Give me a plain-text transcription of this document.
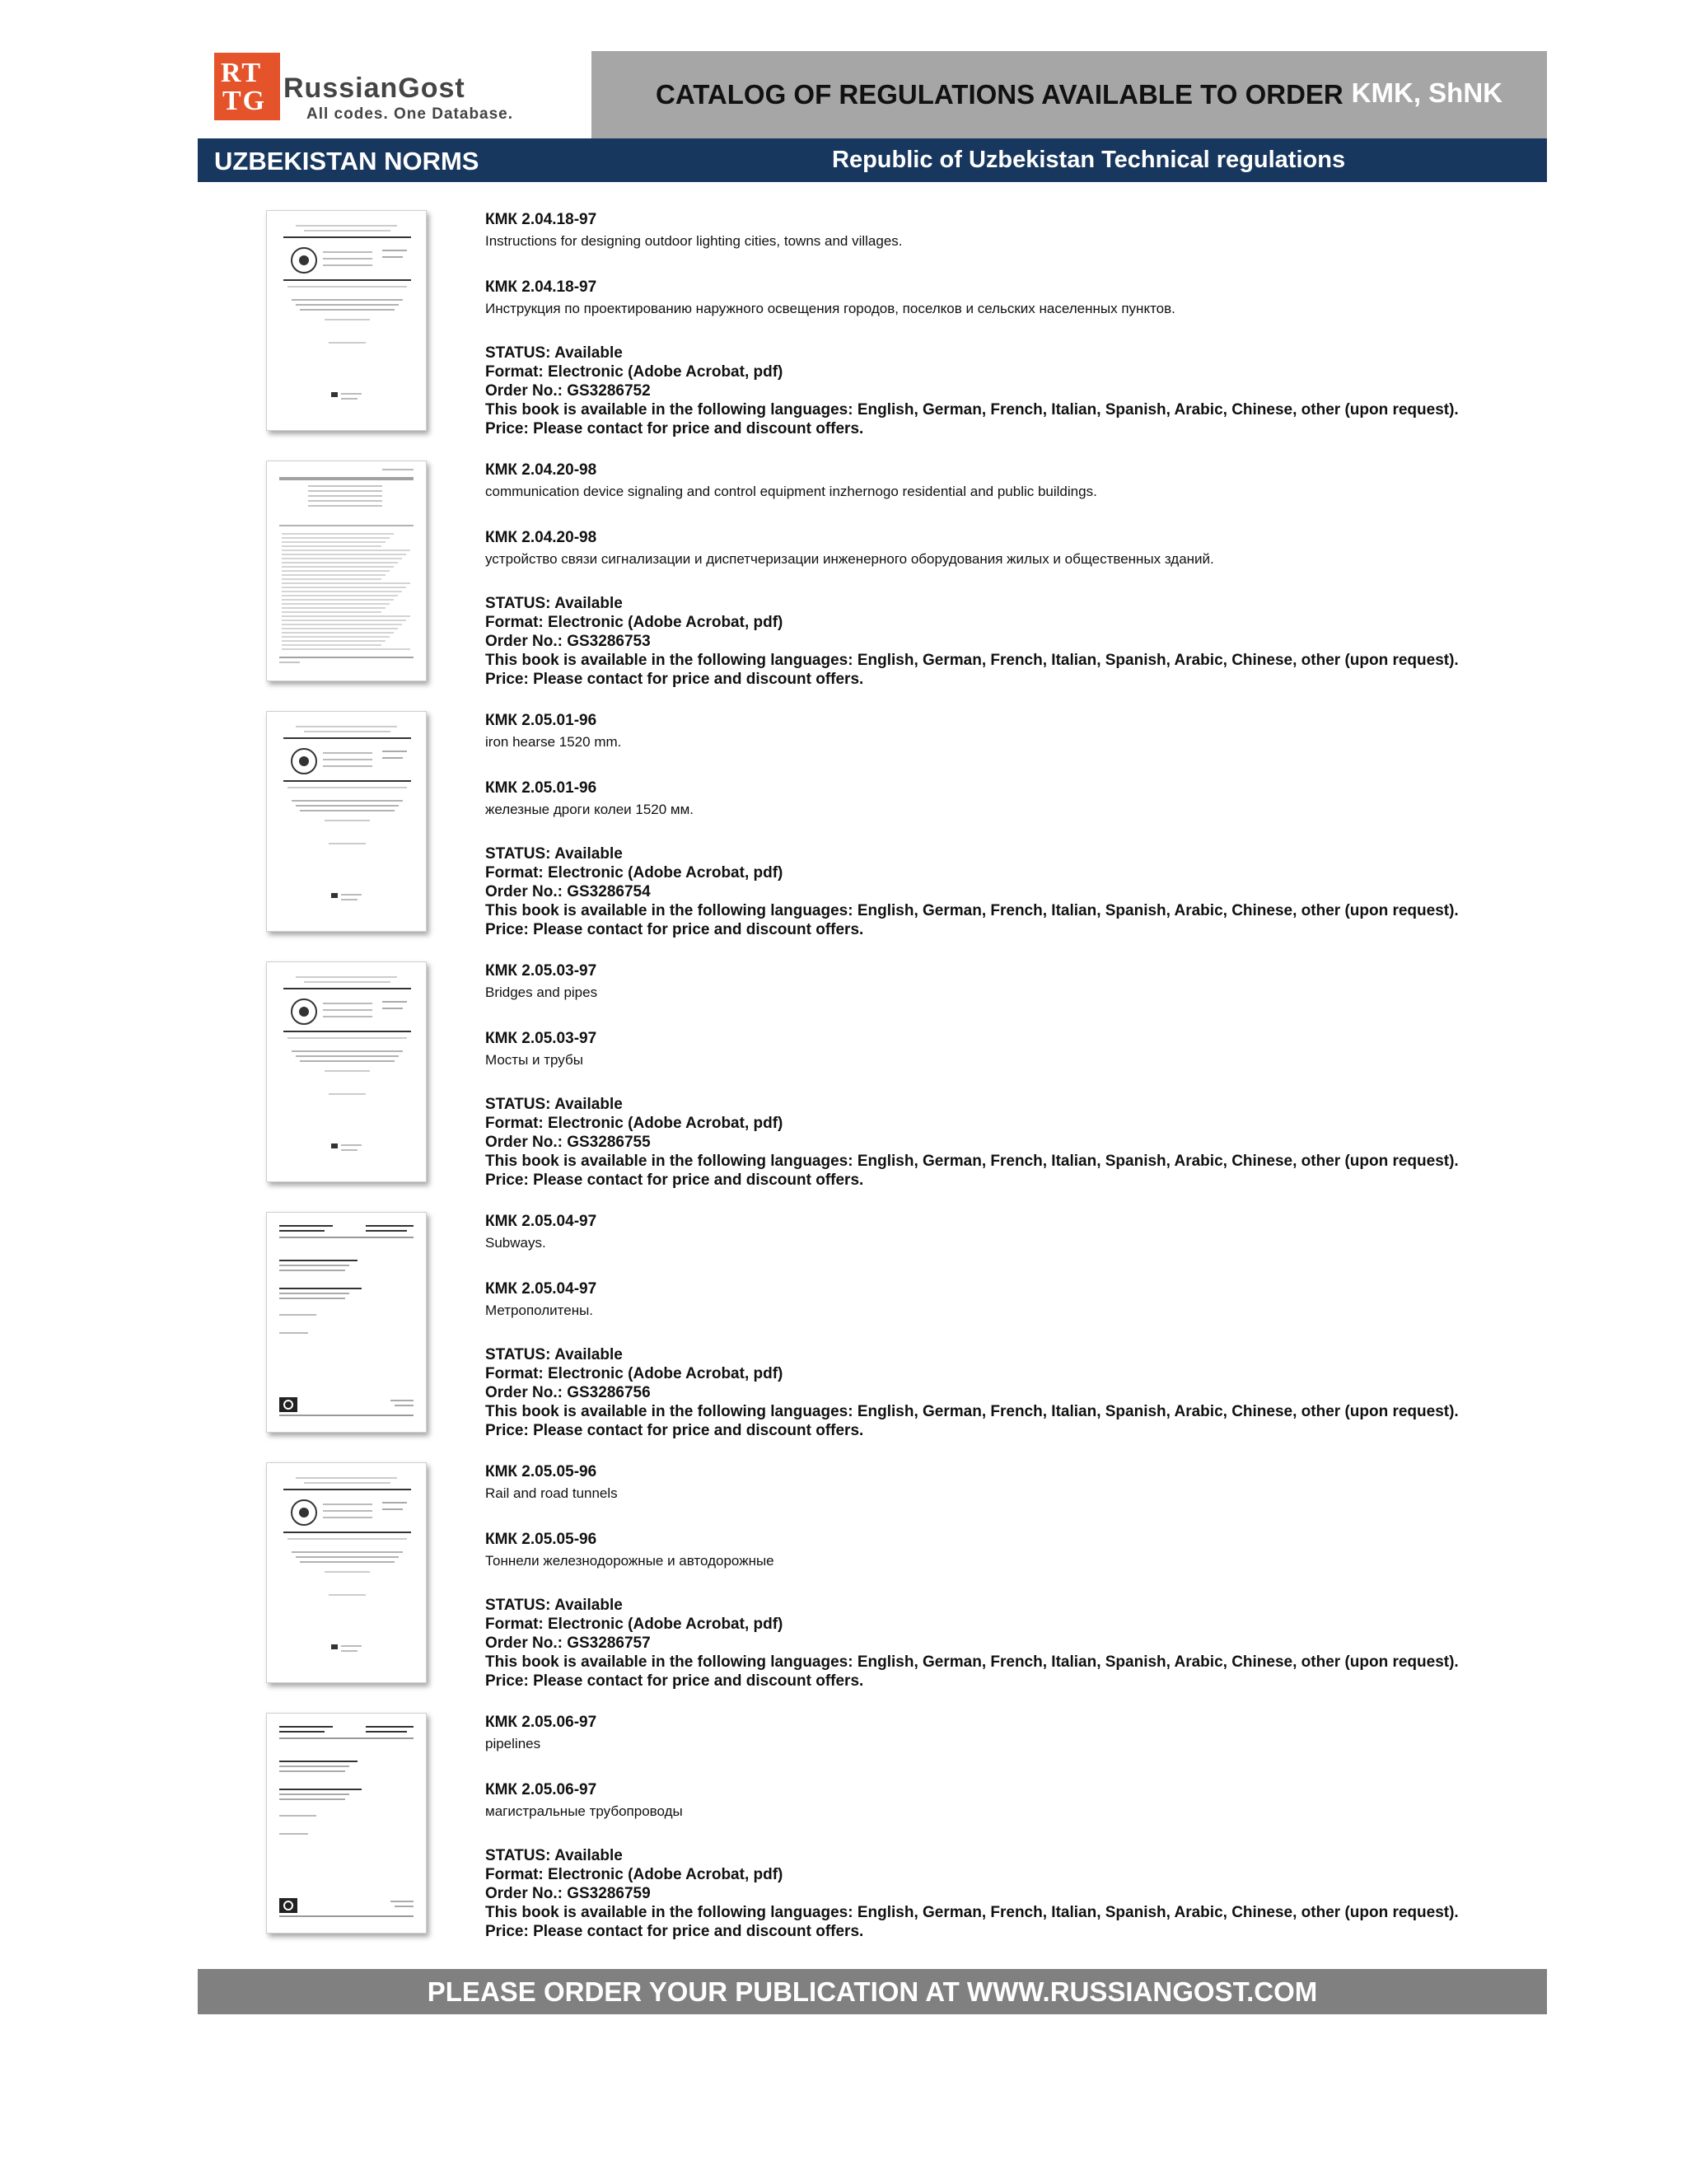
RT
TG RussianGost
All codes. One Database.
CATALOG OF REGULATIONS AVAILABLE TO ORDER KMK, ShNK
UZBEKISTAN NORMS	Republic of Uzbekistan Technical regulations
КМК 2.04.18-97
Instructions for designing outdoor lighting cities, towns and villages.
КМК 2.04.18-97
Инструкция по проектированию наружного освещения городов, поселков и сельских населенных пунктов.
STATUS: Available
Format: Electronic (Adobe Acrobat, pdf)
Order No.: GS3286752
This book is available in the following languages: English, German, French, Italian, Spanish, Arabic, Chinese, other (upon request).
Price: Please contact for price and discount offers.
КМК 2.04.20-98
communication device signaling and control equipment inzhernogo residential and public buildings.
КМК 2.04.20-98
устройство связи сигнализации и диспетчеризации инженерного оборудования жилых и общественных зданий.
STATUS: Available
Format: Electronic (Adobe Acrobat, pdf)
Order No.: GS3286753
This book is available in the following languages: English, German, French, Italian, Spanish, Arabic, Chinese, other (upon request).
Price: Please contact for price and discount offers.
КМК 2.05.01-96
iron hearse 1520 mm.
КМК 2.05.01-96
железные дроги колеи 1520 мм.
STATUS: Available
Format: Electronic (Adobe Acrobat, pdf)
Order No.: GS3286754
This book is available in the following languages: English, German, French, Italian, Spanish, Arabic, Chinese, other (upon request).
Price: Please contact for price and discount offers.
КМК 2.05.03-97
Bridges and pipes
КМК 2.05.03-97
Мосты и трубы
STATUS: Available
Format: Electronic (Adobe Acrobat, pdf)
Order No.: GS3286755
This book is available in the following languages: English, German, French, Italian, Spanish, Arabic, Chinese, other (upon request).
Price: Please contact for price and discount offers.
КМК 2.05.04-97
Subways.
КМК 2.05.04-97
Метрополитены.
STATUS: Available
Format: Electronic (Adobe Acrobat, pdf)
Order No.: GS3286756
This book is available in the following languages: English, German, French, Italian, Spanish, Arabic, Chinese, other (upon request).
Price: Please contact for price and discount offers.
КМК 2.05.05-96
Rail and road tunnels
КМК 2.05.05-96
Тоннели железнодорожные и автодорожные
STATUS: Available
Format: Electronic (Adobe Acrobat, pdf)
Order No.: GS3286757
This book is available in the following languages: English, German, French, Italian, Spanish, Arabic, Chinese, other (upon request).
Price: Please contact for price and discount offers.
КМК 2.05.06-97
pipelines
КМК 2.05.06-97
магистральные трубопроводы
STATUS: Available
Format: Electronic (Adobe Acrobat, pdf)
Order No.: GS3286759
This book is available in the following languages: English, German, French, Italian, Spanish, Arabic, Chinese, other (upon request).
Price: Please contact for price and discount offers.
PLEASE ORDER YOUR PUBLICATION AT WWW.RUSSIANGOST.COM
